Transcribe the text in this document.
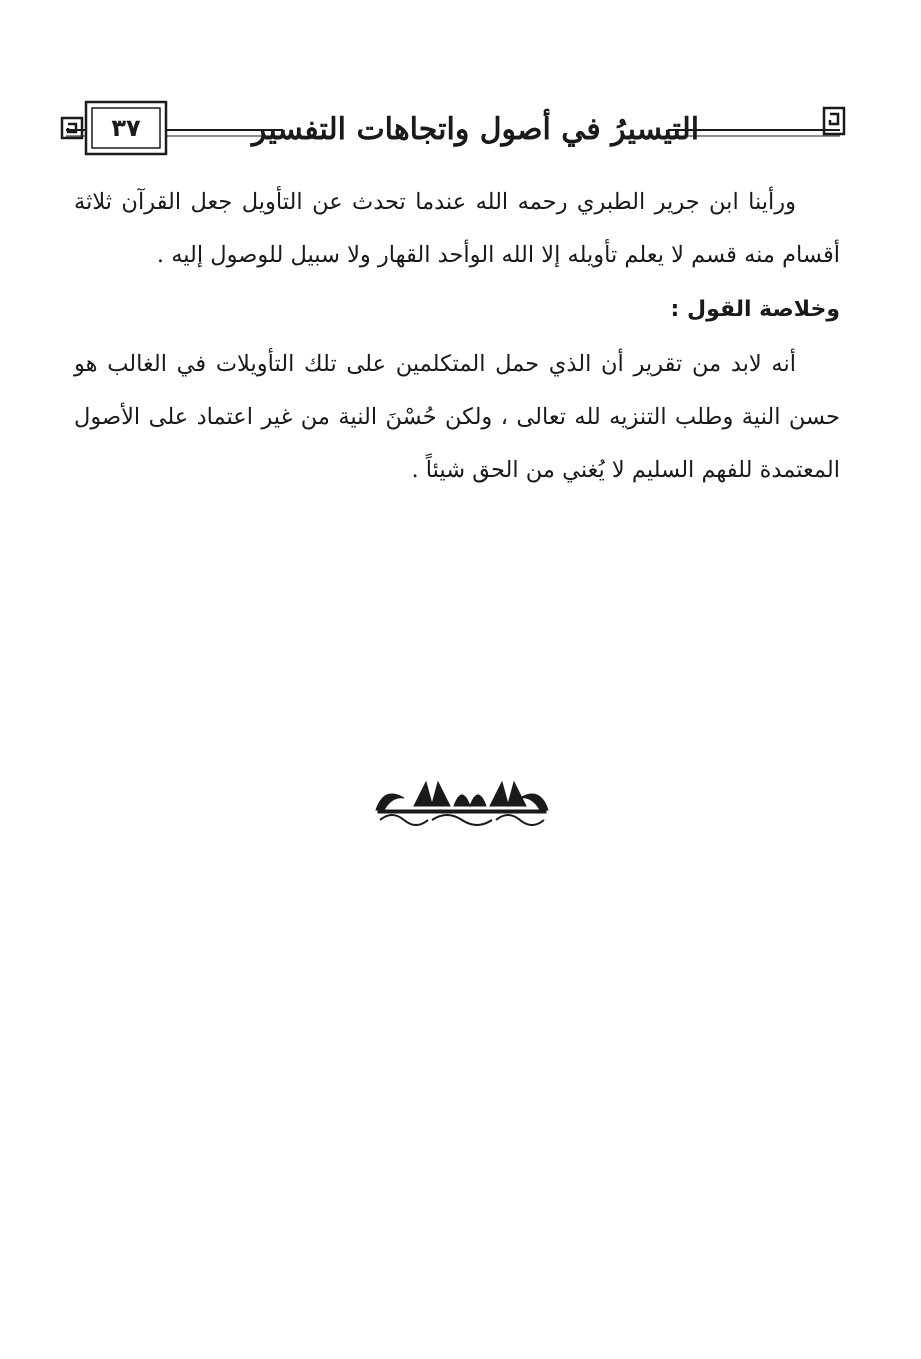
٣٧	التيسيرُ في أصول واتجاهات التفسير

ورأينا ابن جرير الطبري رحمه الله عندما تحدث عن التأويل جعل القرآن ثلاثة أقسام منه قسم لا يعلم تأويله إلا الله الوأحد القهار ولا سبيل للوصول إليه .

وخلاصة القول :

أنه لابد من تقرير أن الذي حمل المتكلمين على تلك التأويلات في الغالب هو حسن النية وطلب التنزيه لله تعالى ، ولكن حُسْنَ النية من غير اعتماد على الأصول المعتمدة للفهم السليم لا يُغني من الحق شيئاً .
